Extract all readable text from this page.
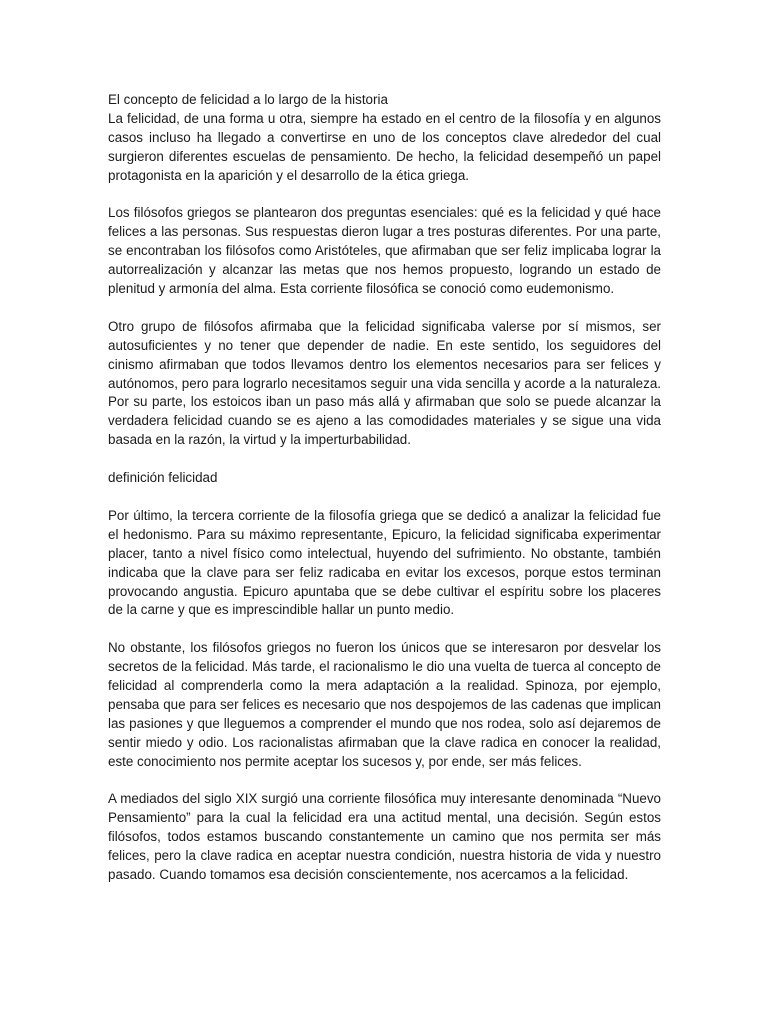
El concepto de felicidad a lo largo de la historia

La felicidad, de una forma u otra, siempre ha estado en el centro de la filosofía y en algunos casos incluso ha llegado a convertirse en uno de los conceptos clave alrededor del cual surgieron diferentes escuelas de pensamiento. De hecho, la felicidad desempeñó un papel protagonista en la aparición y el desarrollo de la ética griega.

Los filósofos griegos se plantearon dos preguntas esenciales: qué es la felicidad y qué hace felices a las personas. Sus respuestas dieron lugar a tres posturas diferentes. Por una parte, se encontraban los filósofos como Aristóteles, que afirmaban que ser feliz implicaba lograr la autorrealización y alcanzar las metas que nos hemos propuesto, logrando un estado de plenitud y armonía del alma. Esta corriente filosófica se conoció como eudemonismo.

Otro grupo de filósofos afirmaba que la felicidad significaba valerse por sí mismos, ser autosuficientes y no tener que depender de nadie. En este sentido, los seguidores del cinismo afirmaban que todos llevamos dentro los elementos necesarios para ser felices y autónomos, pero para lograrlo necesitamos seguir una vida sencilla y acorde a la naturaleza. Por su parte, los estoicos iban un paso más allá y afirmaban que solo se puede alcanzar la verdadera felicidad cuando se es ajeno a las comodidades materiales y se sigue una vida basada en la razón, la virtud y la imperturbabilidad.

definición felicidad

Por último, la tercera corriente de la filosofía griega que se dedicó a analizar la felicidad fue el hedonismo. Para su máximo representante, Epicuro, la felicidad significaba experimentar placer, tanto a nivel físico como intelectual, huyendo del sufrimiento. No obstante, también indicaba que la clave para ser feliz radicaba en evitar los excesos, porque estos terminan provocando angustia. Epicuro apuntaba que se debe cultivar el espíritu sobre los placeres de la carne y que es imprescindible hallar un punto medio.

No obstante, los filósofos griegos no fueron los únicos que se interesaron por desvelar los secretos de la felicidad. Más tarde, el racionalismo le dio una vuelta de tuerca al concepto de felicidad al comprenderla como la mera adaptación a la realidad. Spinoza, por ejemplo, pensaba que para ser felices es necesario que nos despojemos de las cadenas que implican las pasiones y que lleguemos a comprender el mundo que nos rodea, solo así dejaremos de sentir miedo y odio. Los racionalistas afirmaban que la clave radica en conocer la realidad, este conocimiento nos permite aceptar los sucesos y, por ende, ser más felices.

A mediados del siglo XIX surgió una corriente filosófica muy interesante denominada “Nuevo Pensamiento” para la cual la felicidad era una actitud mental, una decisión. Según estos filósofos, todos estamos buscando constantemente un camino que nos permita ser más felices, pero la clave radica en aceptar nuestra condición, nuestra historia de vida y nuestro pasado. Cuando tomamos esa decisión conscientemente, nos acercamos a la felicidad.
